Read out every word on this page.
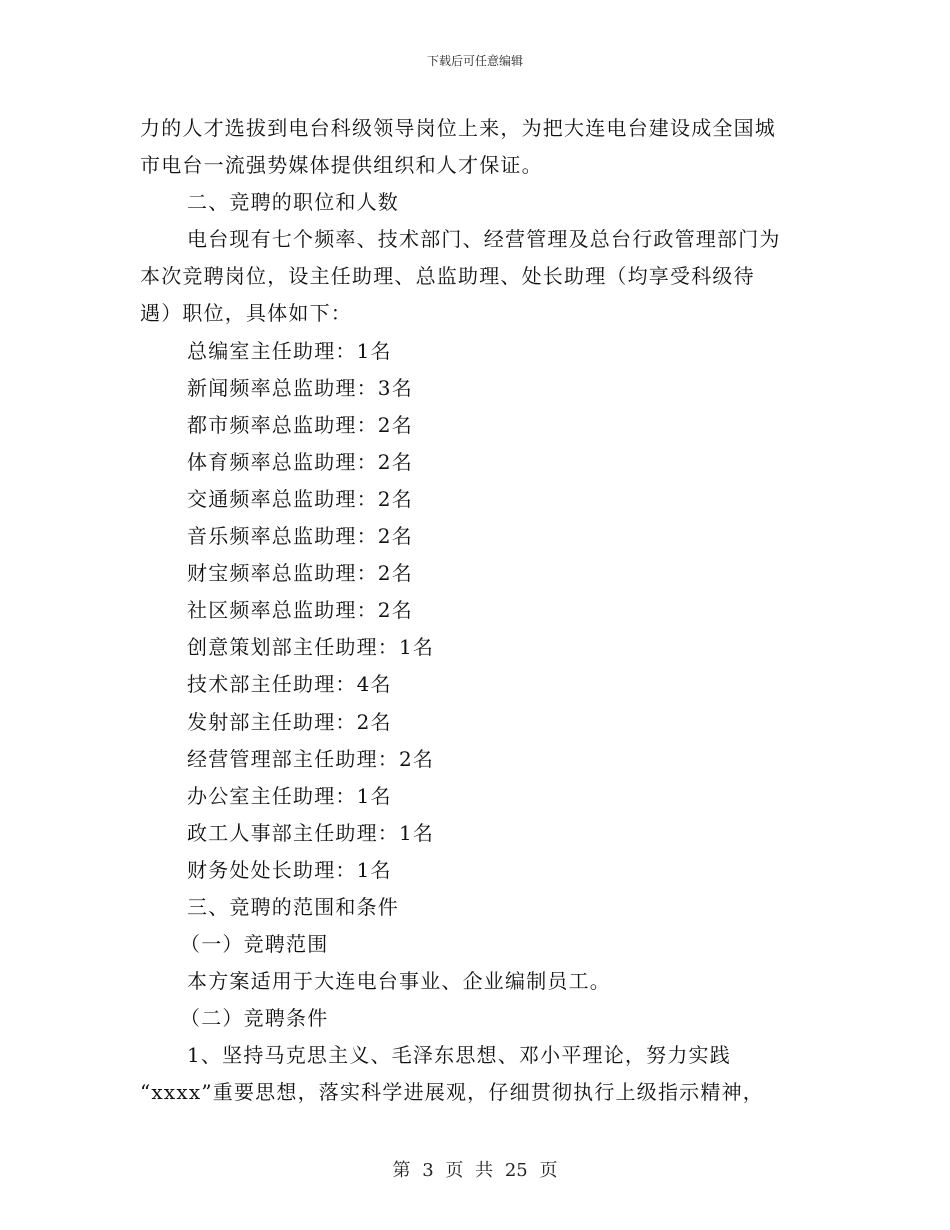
下载后可任意编辑
力的人才选拔到电台科级领导岗位上来，为把大连电台建设成全国城
市电台一流强势媒体提供组织和人才保证。
二、竞聘的职位和人数
电台现有七个频率、技术部门、经营管理及总台行政管理部门为
本次竞聘岗位，设主任助理、总监助理、处长助理（均享受科级待
遇）职位，具体如下：
总编室主任助理：1名
新闻频率总监助理：3名
都市频率总监助理：2名
体育频率总监助理：2名
交通频率总监助理：2名
音乐频率总监助理：2名
财宝频率总监助理：2名
社区频率总监助理：2名
创意策划部主任助理：1名
技术部主任助理：4名
发射部主任助理：2名
经营管理部主任助理：2名
办公室主任助理：1名
政工人事部主任助理：1名
财务处处长助理：1名
三、竞聘的范围和条件
（一）竞聘范围
本方案适用于大连电台事业、企业编制员工。
（二）竞聘条件
1、坚持马克思主义、毛泽东思想、邓小平理论，努力实践
“xxxx”重要思想，落实科学进展观，仔细贯彻执行上级指示精神，
第 3 页 共 25 页
